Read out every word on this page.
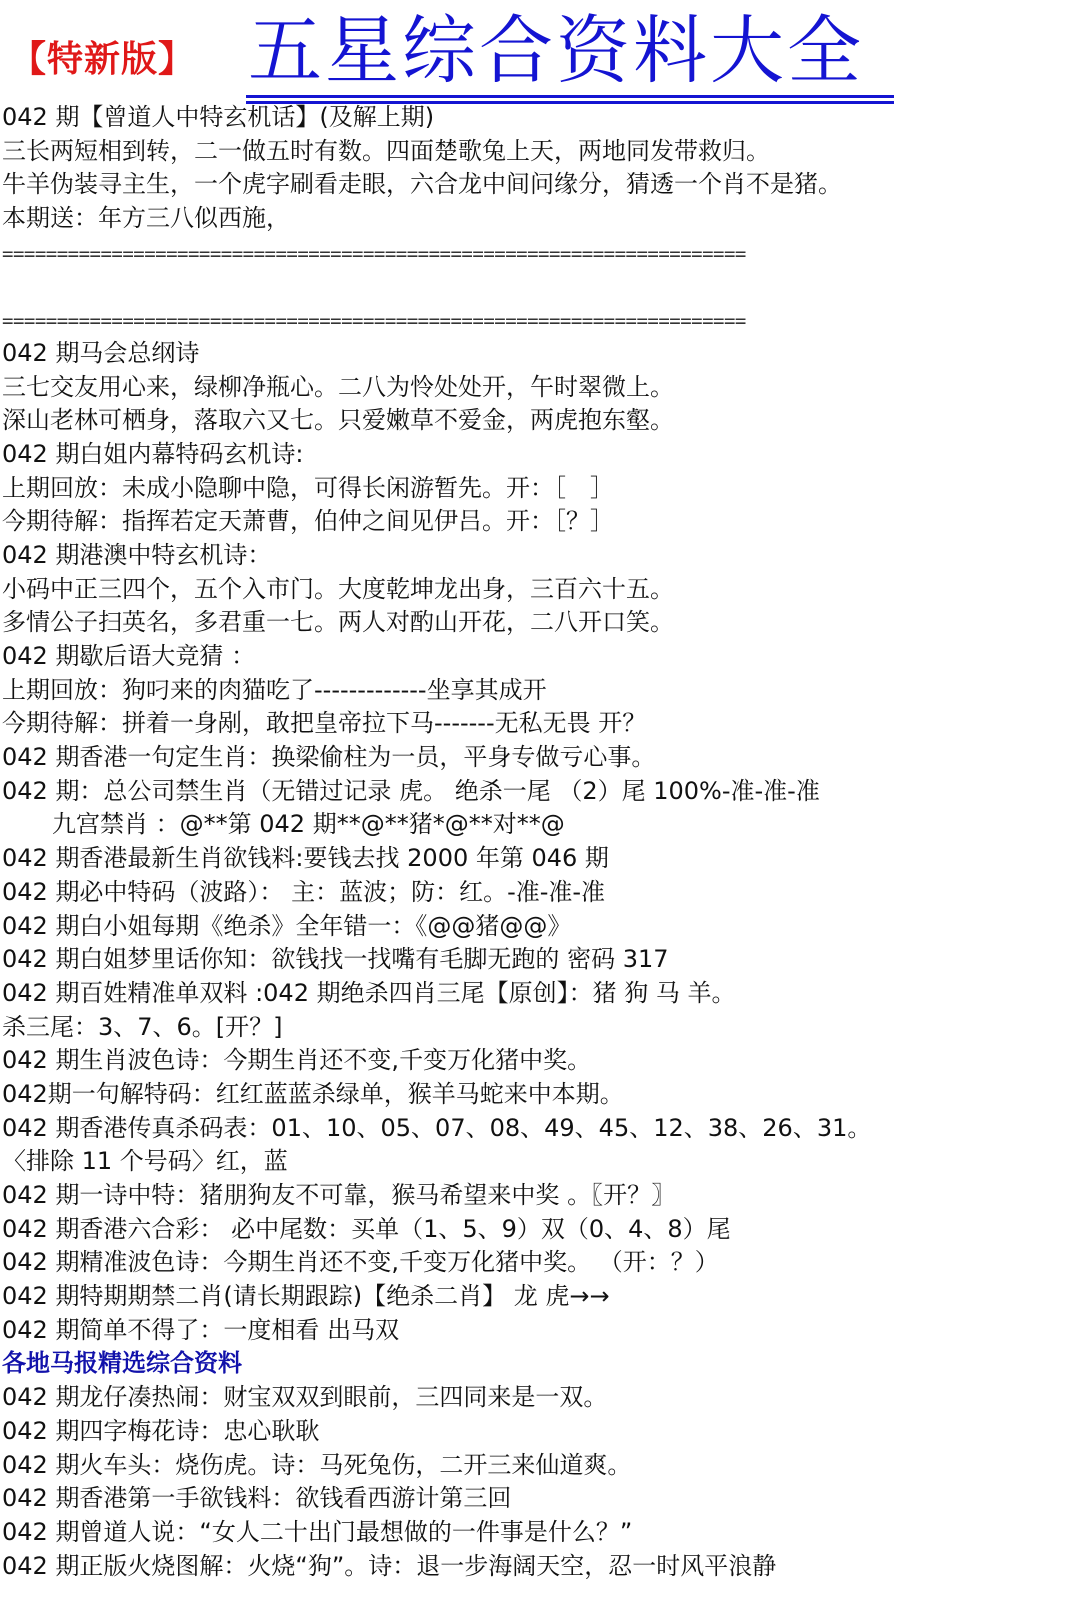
【特新版】 五星综合资料大全
042 期【曾道人中特玄机话】(及解上期)
三长两短相到转，二一做五时有数。四面楚歌兔上天，两地同发带救归。
牛羊伪装寻主生，一个虎字刷看走眼，六合龙中间问缘分，猜透一个肖不是猪。
本期送：年方三八似西施，
====================================================================
====================================================================
042 期马会总纲诗
三七交友用心来，绿柳净瓶心。二八为怜处处开，午时翠微上。
深山老林可栖身，落取六又七。只爱嫩草不爱金，两虎抱东壑。
042 期白姐内幕特码玄机诗:
上期回放：未成小隐聊中隐，可得长闲游暂先。开：［　］
今期待解：指挥若定天萧曹，伯仲之间见伊吕。开：［？］
042 期港澳中特玄机诗：
小码中正三四个，五个入市门。大度乾坤龙出身，三百六十五。
多情公子扫英名，多君重一七。两人对酌山开花，二八开口笑。
042 期歇后语大竞猜 ：
上期回放：狗叼来的肉猫吃了-------------坐享其成开
今期待解：拼着一身剐，敢把皇帝拉下马-------无私无畏 开？
042 期香港一句定生肖：换梁偷柱为一员，平身专做亏心事。
042 期：总公司禁生肖（无错过记录 虎。 绝杀一尾 （2）尾 100%-准-准-准
九宫禁肖 ：@**第 042 期**@**猪*@**对**@
042 期香港最新生肖欲钱料:要钱去找 2000 年第 046 期
042 期必中特码（波路）： 主：蓝波；防：红。-准-准-准
042 期白小姐每期《绝杀》全年错一：《@@猪@@》
042 期白姐梦里话你知：欲钱找一找嘴有毛脚无跑的 密码 317
042 期百姓精准单双料 :042 期绝杀四肖三尾【原创】：猪 狗 马 羊。
杀三尾：3、7、6。[开？]
042 期生肖波色诗：今期生肖还不变,千变万化猪中奖。
042期一句解特码：红红蓝蓝杀绿单，猴羊马蛇来中本期。
042 期香港传真杀码表：01、10、05、07、08、49、45、12、38、26、31。
〈排除 11 个号码〉红，蓝
042 期一诗中特：猪朋狗友不可靠，猴马希望来中奖 。〖开？〗
042 期香港六合彩： 必中尾数：买单（1、5、9）双（0、4、8）尾
042 期精准波色诗：今期生肖还不变,千变万化猪中奖。 （开：？）
042 期特期期禁二肖(请长期跟踪)【绝杀二肖】 龙 虎→→
042 期简单不得了：一度相看 出马双
各地马报精选综合资料
042 期龙仔凑热闹：财宝双双到眼前，三四同来是一双。
042 期四字梅花诗：忠心耿耿
042 期火车头：烧伤虎。诗：马死兔伤，二开三来仙道爽。
042 期香港第一手欲钱料：欲钱看西游计第三回
042 期曾道人说：“女人二十出门最想做的一件事是什么？”
042 期正版火烧图解：火烧“狗”。诗：退一步海阔天空，忍一时风平浪静
